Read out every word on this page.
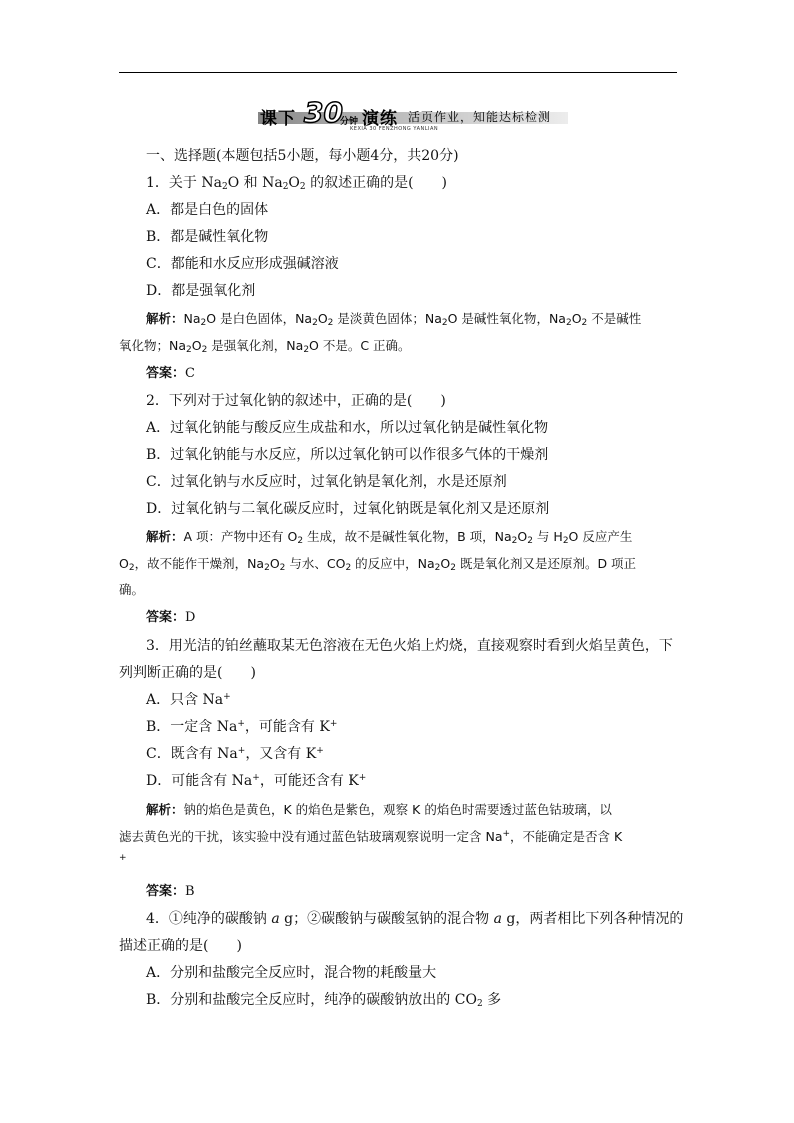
课下 30
分钟 演练 活页作业，知能达标检测
KEXIA 30 FENZHONG YANLIAN
一、选择题(本题包括5小题，每小题4分，共20分)
1．关于 $Na_2O$ 和 $Na_2O_2$ 的叙述正确的是(　　)
A．都是白色的固体
B．都是碱性氧化物
C．都能和水反应形成强碱溶液
D．都是强氧化剂
解析：$Na_2O$ 是白色固体，$Na_2O_2$ 是淡黄色固体；$Na_2O$ 是碱性氧化物，$Na_2O_2$ 不是碱性
氧化物；$Na_2O_2$ 是强氧化剂，$Na_2O$ 不是。C 正确。
答案：C
2．下列对于过氧化钠的叙述中，正确的是(　　)
A．过氧化钠能与酸反应生成盐和水，所以过氧化钠是碱性氧化物
B．过氧化钠能与水反应，所以过氧化钠可以作很多气体的干燥剂
C．过氧化钠与水反应时，过氧化钠是氧化剂，水是还原剂
D．过氧化钠与二氧化碳反应时，过氧化钠既是氧化剂又是还原剂
解析：A 项：产物中还有 $O_2$ 生成，故不是碱性氧化物，B 项，$Na_2O_2$ 与 $H_2O$ 反应产生
$O_2$，故不能作干燥剂，$Na_2O_2$ 与水、$CO_2$ 的反应中，$Na_2O_2$ 既是氧化剂又是还原剂。D 项正
确。
答案：D
3．用光洁的铂丝蘸取某无色溶液在无色火焰上灼烧，直接观察时看到火焰呈黄色，下
列判断正确的是(　　)
A．只含 Na+
B．一定含 Na+，可能含有 K+
C．既含有 Na+，又含有 K+
D．可能含有 Na+，可能还含有 K+
解析：钠的焰色是黄色，K 的焰色是紫色，观察 K 的焰色时需要透过蓝色钴玻璃，以
滤去黄色光的干扰，该实验中没有通过蓝色钴玻璃观察说明一定含 Na+，不能确定是否含 K
+
答案：B
4．①纯净的碳酸钠 a g；②碳酸钠与碳酸氢钠的混合物 a g，两者相比下列各种情况的
描述正确的是(　　)
A．分别和盐酸完全反应时，混合物的耗酸量大
B．分别和盐酸完全反应时，纯净的碳酸钠放出的 $CO_2$ 多
